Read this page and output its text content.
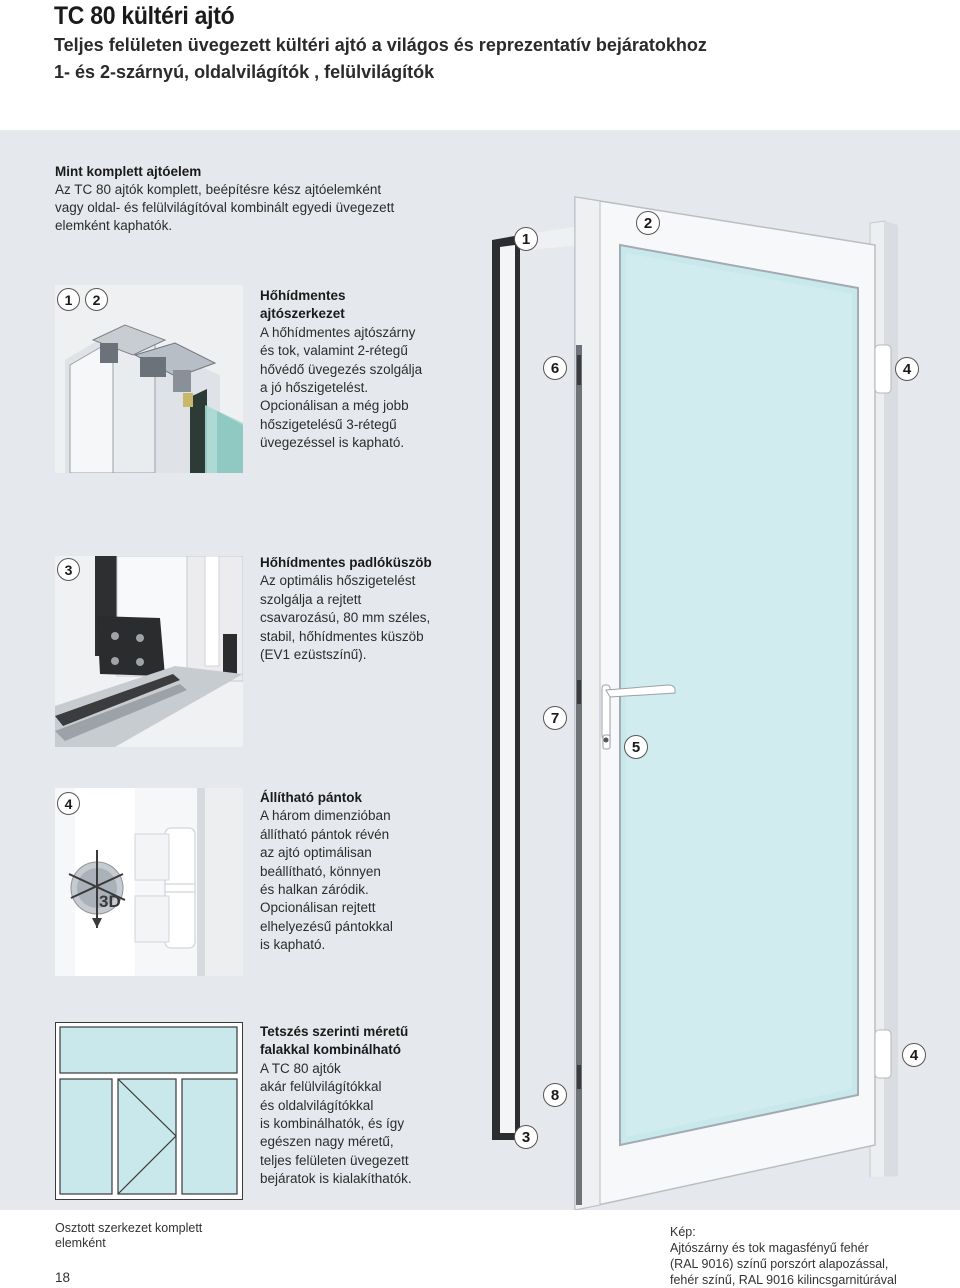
TC 80 kültéri ajtó
Teljes felületen üvegezett kültéri ajtó a világos és reprezentatív bejáratokhoz
1- és 2-szárnyú, oldalvilágítók , felülvilágítók
Mint komplett ajtóelem
Az TC 80 ajtók komplett, beépítésre kész ajtóelemként
vagy oldal- és felülvilágítóval kombinált egyedi üvegezett
elemként kaphatók.
1	2	Hőhídmentes
ajtószerkezet
A hőhídmentes ajtószárny
és tok, valamint 2-rétegű
hővédő üvegezés szolgálja
a jó hőszigetelést.
Opcionálisan a még jobb
hőszigetelésű 3-rétegű
üvegezéssel is kapható.
3	Hőhídmentes padlóküszöb
Az optimális hőszigetelést
szolgálja a rejtett
csavarozású, 80 mm széles,
stabil, hőhídmentes küszöb
(EV1 ezüstszínű).
3D
4	Állítható pántok
A három dimenzióban
állítható pántok révén
az ajtó optimálisan
beállítható, könnyen
és halkan záródik.
Opcionálisan rejtett
elhelyezésű pántokkal
is kapható.
Tetszés szerinti méretű
falakkal kombinálható
A TC 80 ajtók
akár felülvilágítókkal
és oldalvilágítókkal
is kombinálhatók, és így
egészen nagy méretű,
teljes felületen üvegezett
bejáratok is kialakíthatók.
1
2
6	4
7
5
8
3
4
Osztott szerkezet komplett
elemként
18
Kép:
Ajtószárny és tok magasfényű fehér
(RAL 9016) színű porszórt alapozással,
fehér színű, RAL 9016 kilincsgarnitúrával
